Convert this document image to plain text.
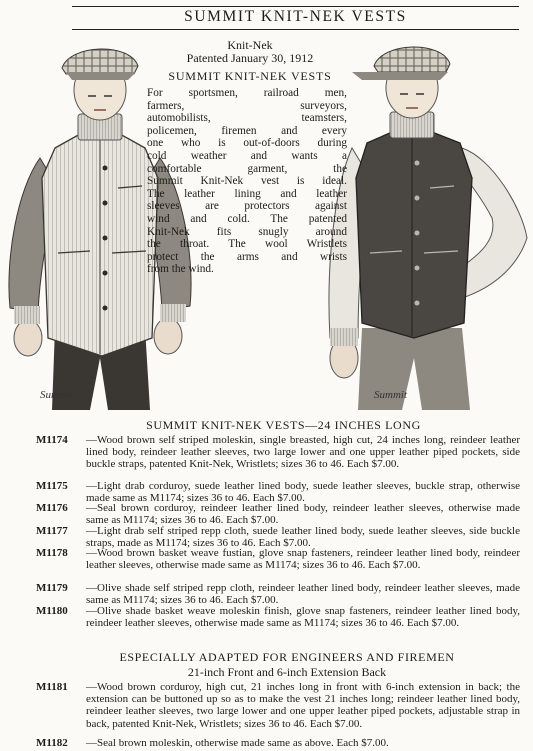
SUMMIT KNIT-NEK VESTS
Summit	Summit
Knit-Nek
Patented January 30, 1912
SUMMIT KNIT-NEK VESTS
For sportsmen, railroad men,
farmers, surveyors,
automobilists, teamsters,
policemen, firemen and every
one who is out-of-doors during
cold weather and wants a
comfortable garment, the
Summit Knit-Nek vest is ideal.
The leather lining and leather
sleeves are protectors against
wind and cold. The patented
Knit-Nek fits snugly around
the throat. The wool Wristlets
protect the arms and wrists
from the wind.
SUMMIT KNIT-NEK VESTS—24 INCHES LONG
M1174 —Wood brown self striped moleskin, single breasted, high cut, 24 inches long, reindeer leather lined body, reindeer leather sleeves, two large lower and one upper leather piped pockets, side buckle straps, patented Knit-Nek, Wristlets; sizes 36 to 46. Each $7.00.
M1175 —Light drab corduroy, suede leather lined body, suede leather sleeves, buckle strap, otherwise made same as M1174; sizes 36 to 46. Each $7.00.
M1176 —Seal brown corduroy, reindeer leather lined body, reindeer leather sleeves, otherwise made same as M1174; sizes 36 to 46. Each $7.00.
M1177 —Light drab self striped repp cloth, suede leather lined body, suede leather sleeves, side buckle straps, made as M1174; sizes 36 to 46. Each $7.00.
M1178 —Wood brown basket weave fustian, glove snap fasteners, reindeer leather lined body, reindeer leather sleeves, otherwise made same as M1174; sizes 36 to 46. Each $7.00.
M1179 —Olive shade self striped repp cloth, reindeer leather lined body, reindeer leather sleeves, made same as M1174; sizes 36 to 46. Each $7.00.
M1180 —Olive shade basket weave moleskin finish, glove snap fasteners, reindeer leather lined body, reindeer leather sleeves, otherwise made same as M1174; sizes 36 to 46. Each $7.00.
ESPECIALLY ADAPTED FOR ENGINEERS AND FIREMEN
21-inch Front and 6-inch Extension Back
M1181 —Wood brown corduroy, high cut, 21 inches long in front with 6-inch extension in back; the extension can be buttoned up so as to make the vest 21 inches long; reindeer leather lined body, reindeer leather sleeves, two large lower and one upper leather piped pockets, adjustable strap in back, patented Knit-Nek, Wristlets; sizes 36 to 46. Each $7.00.
M1182 —Seal brown moleskin, otherwise made same as above. Each $7.00.
